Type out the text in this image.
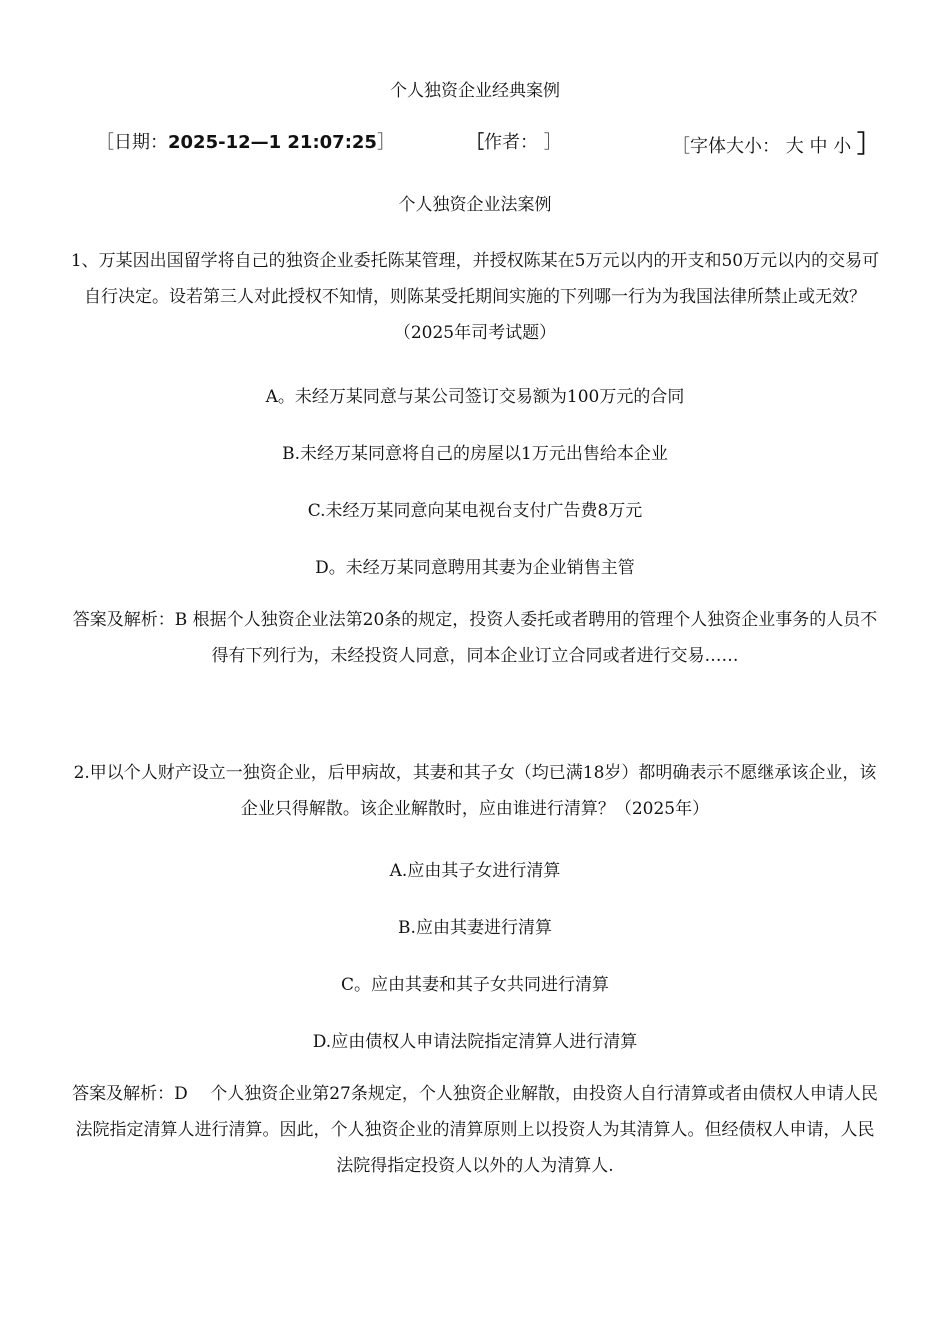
个人独资企业经典案例
［日期：2025-12—1 21:07:25］	［作者： ］	［字体大小： 大 中 小 ］
个人独资企业法案例
1、万某因出国留学将自己的独资企业委托陈某管理，并授权陈某在5万元以内的开支和50万元以内的交易可自行决定。设若第三人对此授权不知情，则陈某受托期间实施的下列哪一行为为我国法律所禁止或无效？（2025年司考试题）
A。未经万某同意与某公司签订交易额为100万元的合同
B.未经万某同意将自己的房屋以1万元出售给本企业
C.未经万某同意向某电视台支付广告费8万元
D。未经万某同意聘用其妻为企业销售主管
答案及解析：B 根据个人独资企业法第20条的规定，投资人委托或者聘用的管理个人独资企业事务的人员不得有下列行为，未经投资人同意，同本企业订立合同或者进行交易……
2.甲以个人财产设立一独资企业，后甲病故，其妻和其子女（均已满18岁）都明确表示不愿继承该企业，该企业只得解散。该企业解散时，应由谁进行清算？（2025年）
A.应由其子女进行清算
B.应由其妻进行清算
C。应由其妻和其子女共同进行清算
D.应由债权人申请法院指定清算人进行清算
答案及解析：D　 个人独资企业第27条规定，个人独资企业解散，由投资人自行清算或者由债权人申请人民法院指定清算人进行清算。因此，个人独资企业的清算原则上以投资人为其清算人。但经债权人申请，人民法院得指定投资人以外的人为清算人.
